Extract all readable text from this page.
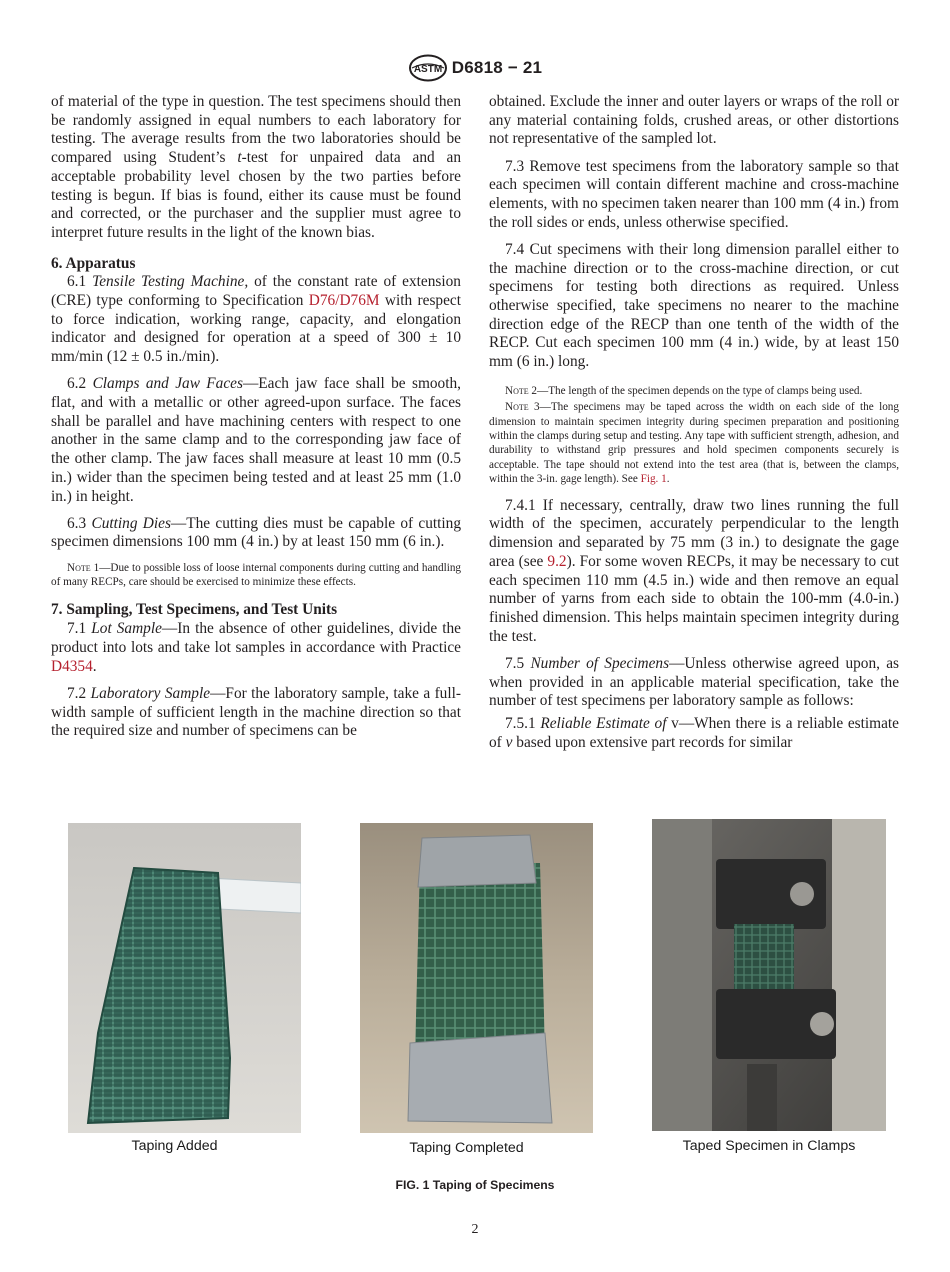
ASTM D6818 − 21

of material of the type in question. The test specimens should then be randomly assigned in equal numbers to each laboratory for testing. The average results from the two laboratories should be compared using Student’s t-test for unpaired data and an acceptable probability level chosen by the two parties before testing is begun. If bias is found, either its cause must be found and corrected, or the purchaser and the supplier must agree to interpret future results in the light of the known bias.

6. Apparatus

6.1 Tensile Testing Machine, of the constant rate of extension (CRE) type conforming to Specification D76/D76M with respect to force indication, working range, capacity, and elongation indicator and designed for operation at a speed of 300 ± 10 mm/min (12 ± 0.5 in./min).

6.2 Clamps and Jaw Faces—Each jaw face shall be smooth, flat, and with a metallic or other agreed-upon surface. The faces shall be parallel and have machining centers with respect to one another in the same clamp and to the corresponding jaw face of the other clamp. The jaw faces shall measure at least 10 mm (0.5 in.) wider than the specimen being tested and at least 25 mm (1.0 in.) in height.

6.3 Cutting Dies—The cutting dies must be capable of cutting specimen dimensions 100 mm (4 in.) by at least 150 mm (6 in.).

Note 1—Due to possible loss of loose internal components during cutting and handling of many RECPs, care should be exercised to minimize these effects.

7. Sampling, Test Specimens, and Test Units

7.1 Lot Sample—In the absence of other guidelines, divide the product into lots and take lot samples in accordance with Practice D4354.

7.2 Laboratory Sample—For the laboratory sample, take a full-width sample of sufficient length in the machine direction so that the required size and number of specimens can be

obtained. Exclude the inner and outer layers or wraps of the roll or any material containing folds, crushed areas, or other distortions not representative of the sampled lot.

7.3 Remove test specimens from the laboratory sample so that each specimen will contain different machine and cross-machine elements, with no specimen taken nearer than 100 mm (4 in.) from the roll sides or ends, unless otherwise specified.

7.4 Cut specimens with their long dimension parallel either to the machine direction or to the cross-machine direction, or cut specimens for testing both directions as required. Unless otherwise specified, take specimens no nearer to the machine direction edge of the RECP than one tenth of the width of the RECP. Cut each specimen 100 mm (4 in.) wide, by at least 150 mm (6 in.) long.

Note 2—The length of the specimen depends on the type of clamps being used.

Note 3—The specimens may be taped across the width on each side of the long dimension to maintain specimen integrity during specimen preparation and positioning within the clamps during setup and testing. Any tape with sufficient strength, adhesion, and durability to withstand grip pressures and hold specimen components securely is acceptable. The tape should not extend into the test area (that is, between the clamps, within the 3-in. gage length). See Fig. 1.

7.4.1 If necessary, centrally, draw two lines running the full width of the specimen, accurately perpendicular to the length dimension and separated by 75 mm (3 in.) to designate the gage area (see 9.2). For some woven RECPs, it may be necessary to cut each specimen 110 mm (4.5 in.) wide and then remove an equal number of yarns from each side to obtain the 100-mm (4.0-in.) finished dimension. This helps maintain specimen integrity during the test.

7.5 Number of Specimens—Unless otherwise agreed upon, as when provided in an applicable material specification, take the number of test specimens per laboratory sample as follows:

7.5.1 Reliable Estimate of v—When there is a reliable estimate of v based upon extensive part records for similar

Taping Added	Taping Completed	Taped Specimen in Clamps
FIG. 1 Taping of Specimens
2
